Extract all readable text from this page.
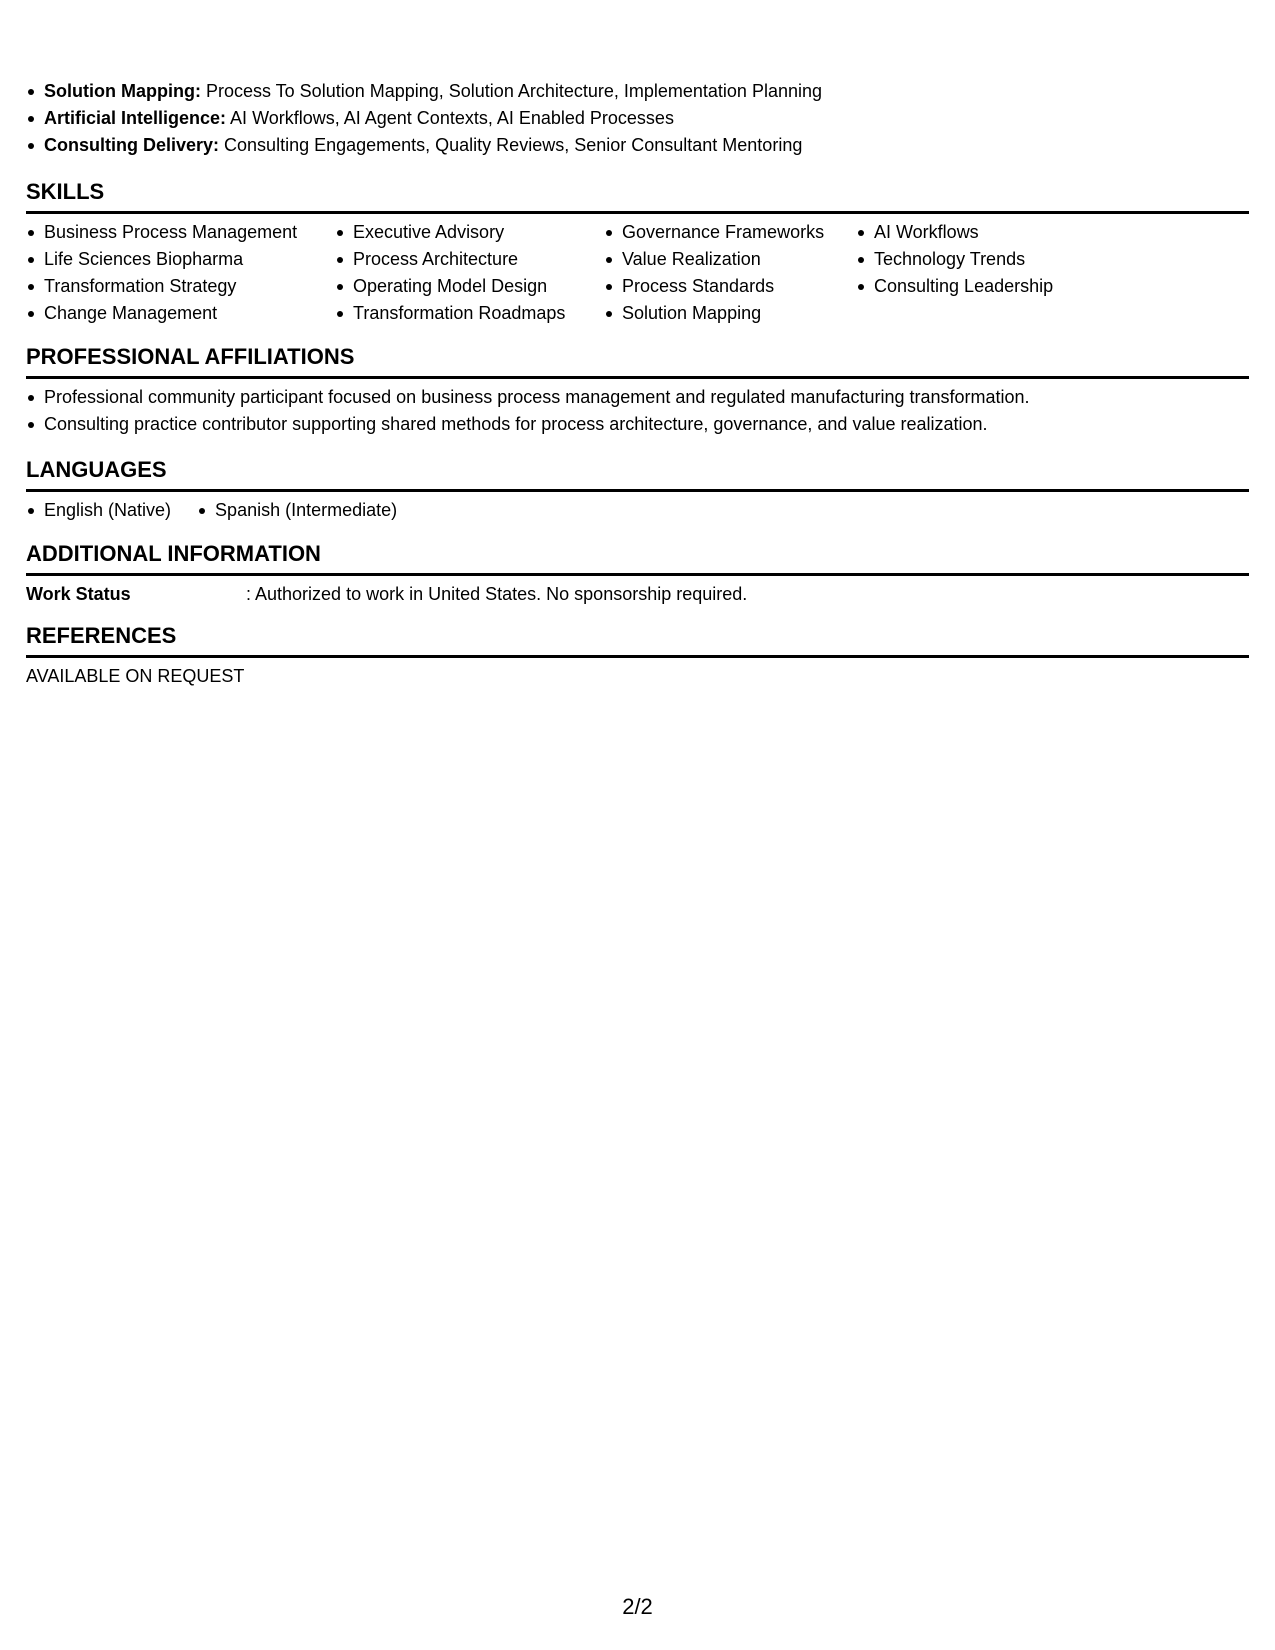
Solution Mapping: Process To Solution Mapping, Solution Architecture, Implementation Planning
Artificial Intelligence: AI Workflows, AI Agent Contexts, AI Enabled Processes
Consulting Delivery: Consulting Engagements, Quality Reviews, Senior Consultant Mentoring
SKILLS
Business Process Management
Life Sciences Biopharma
Transformation Strategy
Change Management
Executive Advisory
Process Architecture
Operating Model Design
Transformation Roadmaps
Governance Frameworks
Value Realization
Process Standards
Solution Mapping
AI Workflows
Technology Trends
Consulting Leadership
PROFESSIONAL AFFILIATIONS
Professional community participant focused on business process management and regulated manufacturing transformation.
Consulting practice contributor supporting shared methods for process architecture, governance, and value realization.
LANGUAGES
English (Native)	Spanish (Intermediate)
ADDITIONAL INFORMATION
Work Status	: Authorized to work in United States. No sponsorship required.
REFERENCES
AVAILABLE ON REQUEST
2/2
